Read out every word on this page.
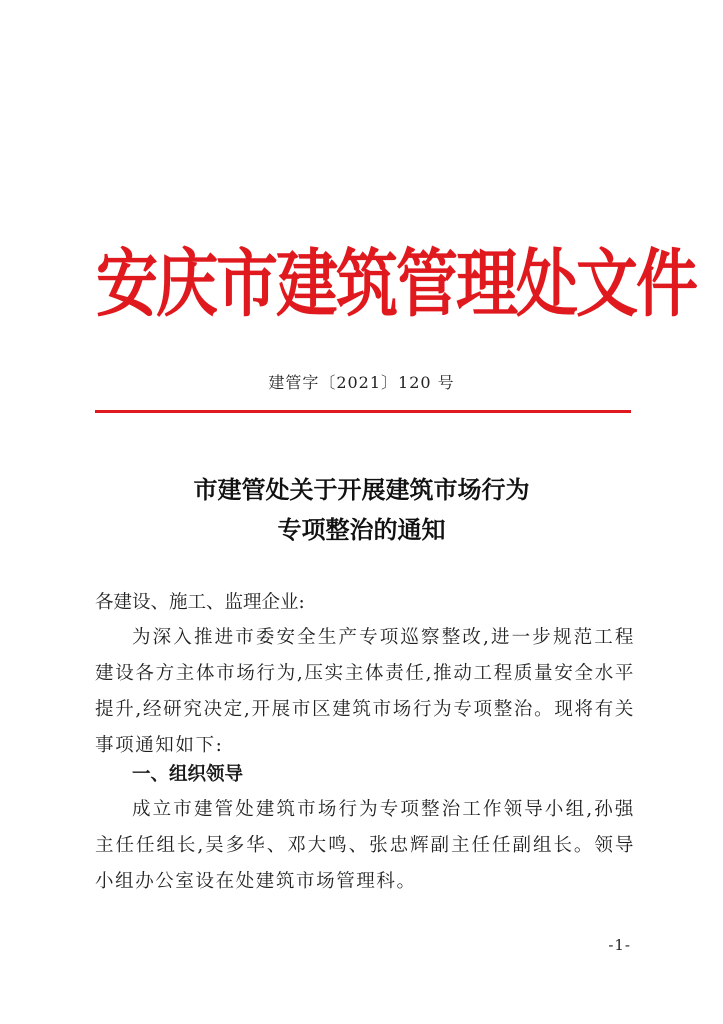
安庆市建筑管理处文件
建管字〔2021〕120 号
市建管处关于开展建筑市场行为
专项整治的通知
各建设、施工、监理企业:

为深入推进市委安全生产专项巡察整改,进一步规范工程建设各方主体市场行为,压实主体责任,推动工程质量安全水平提升,经研究决定,开展市区建筑市场行为专项整治。现将有关事项通知如下:

一、组织领导

成立市建管处建筑市场行为专项整治工作领导小组,孙强主任任组长,吴多华、邓大鸣、张忠辉副主任任副组长。领导小组办公室设在处建筑市场管理科。

-1-
